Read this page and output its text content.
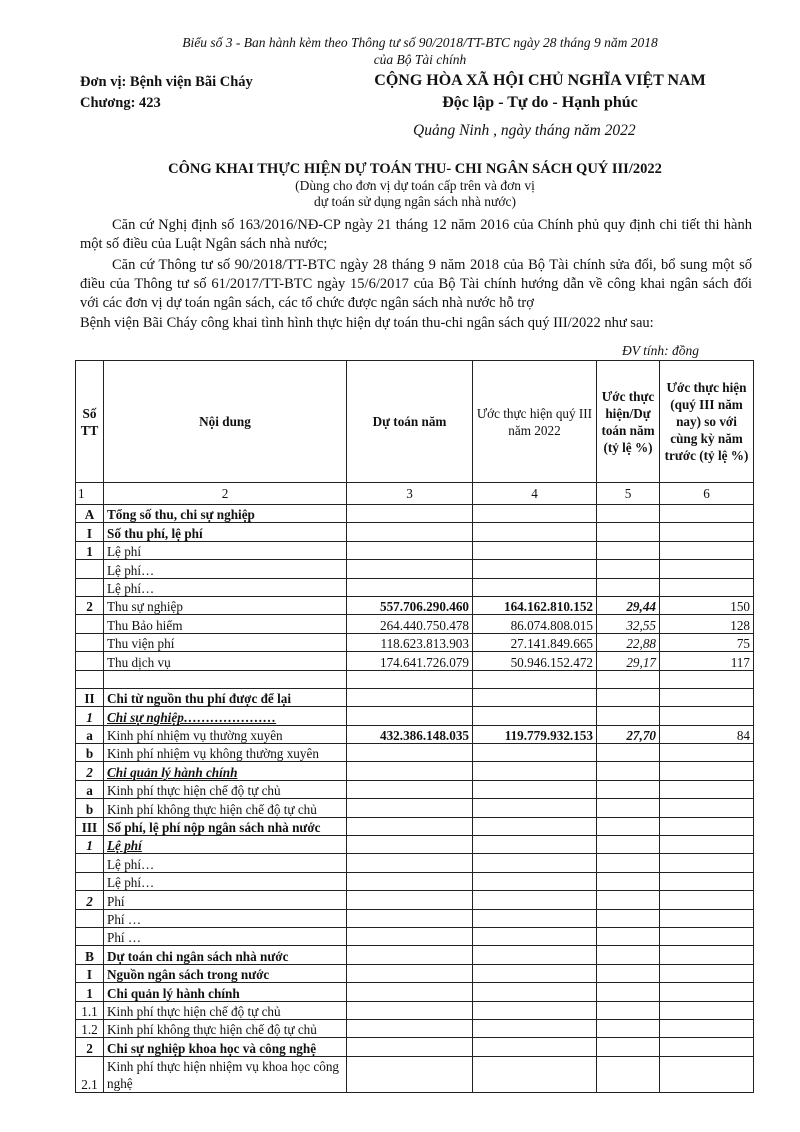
Biểu số 3 - Ban hành kèm theo Thông tư số 90/2018/TT-BTC ngày 28 tháng 9 năm 2018
của Bộ Tài chính
Đơn vị: Bệnh viện Bãi Cháy
Chương: 423
CỘNG HÒA XÃ HỘI CHỦ NGHĨA VIỆT NAM
Độc lập - Tự do - Hạnh phúc
Quảng Ninh , ngày tháng năm 2022
CÔNG KHAI THỰC HIỆN DỰ TOÁN THU- CHI NGÂN SÁCH QUÝ III/2022
(Dùng cho đơn vị dự toán cấp trên và đơn vị
dự toán sử dụng ngân sách nhà nước)

Căn cứ Nghị định số 163/2016/NĐ-CP ngày 21 tháng 12 năm 2016 của Chính phủ quy định chi tiết thi hành một số điều của Luật Ngân sách nhà nước;

Căn cứ Thông tư số 90/2018/TT-BTC ngày 28 tháng 9 năm 2018 của Bộ Tài chính sửa đổi, bổ sung một số điều của Thông tư số 61/2017/TT-BTC ngày 15/6/2017 của Bộ Tài chính hướng dẫn về công khai ngân sách đối với các đơn vị dự toán ngân sách, các tổ chức được ngân sách nhà nước hỗ trợ

Bệnh viện Bãi Cháy công khai tình hình thực hiện dự toán thu-chi ngân sách quý III/2022 như sau:

ĐV tính: đồng
Số TT	Nội dung	Dự toán năm	Ước thực hiện quý III năm 2022	Ước thực hiện/Dự toán năm (tỷ lệ %)	Ước thực hiện (quý III năm nay) so với cùng kỳ năm trước (tỷ lệ %)
1	2	3	4	5	6
A	Tổng số thu, chi sự nghiệp				
I	Số thu phí, lệ phí				
1	Lệ phí				
	Lệ phí…				
	Lệ phí…				
2	Thu sự nghiệp	557.706.290.460	164.162.810.152	29,44	150
	Thu Bảo hiểm	264.440.750.478	86.074.808.015	32,55	128
	Thu viện phí	118.623.813.903	27.141.849.665	22,88	75
	Thu dịch vụ	174.641.726.079	50.946.152.472	29,17	117

II	Chi từ nguồn thu phí được để lại				
1	Chi sự nghiệp…………………				
a	Kinh phí nhiệm vụ thường xuyên	432.386.148.035	119.779.932.153	27,70	84
b	Kinh phí nhiệm vụ không thường xuyên				
2	Chi quản lý hành chính				
a	Kinh phí thực hiện chế độ tự chủ				
b	Kinh phí không thực hiện chế độ tự chủ				
III	Số phí, lệ phí nộp ngân sách nhà nước				
1	Lệ phí				
	Lệ phí…				
	Lệ phí…				
2	Phí				
	Phí …				
	Phí …				
B	Dự toán chi ngân sách nhà nước				
I	Nguồn ngân sách trong nước				
1	Chi quản lý hành chính				
1.1	Kinh phí thực hiện chế độ tự chủ				
1.2	Kinh phí không thực hiện chế độ tự chủ				
2	Chi sự nghiệp khoa học và công nghệ				
2.1	Kinh phí thực hiện nhiệm vụ khoa học công nghệ				
